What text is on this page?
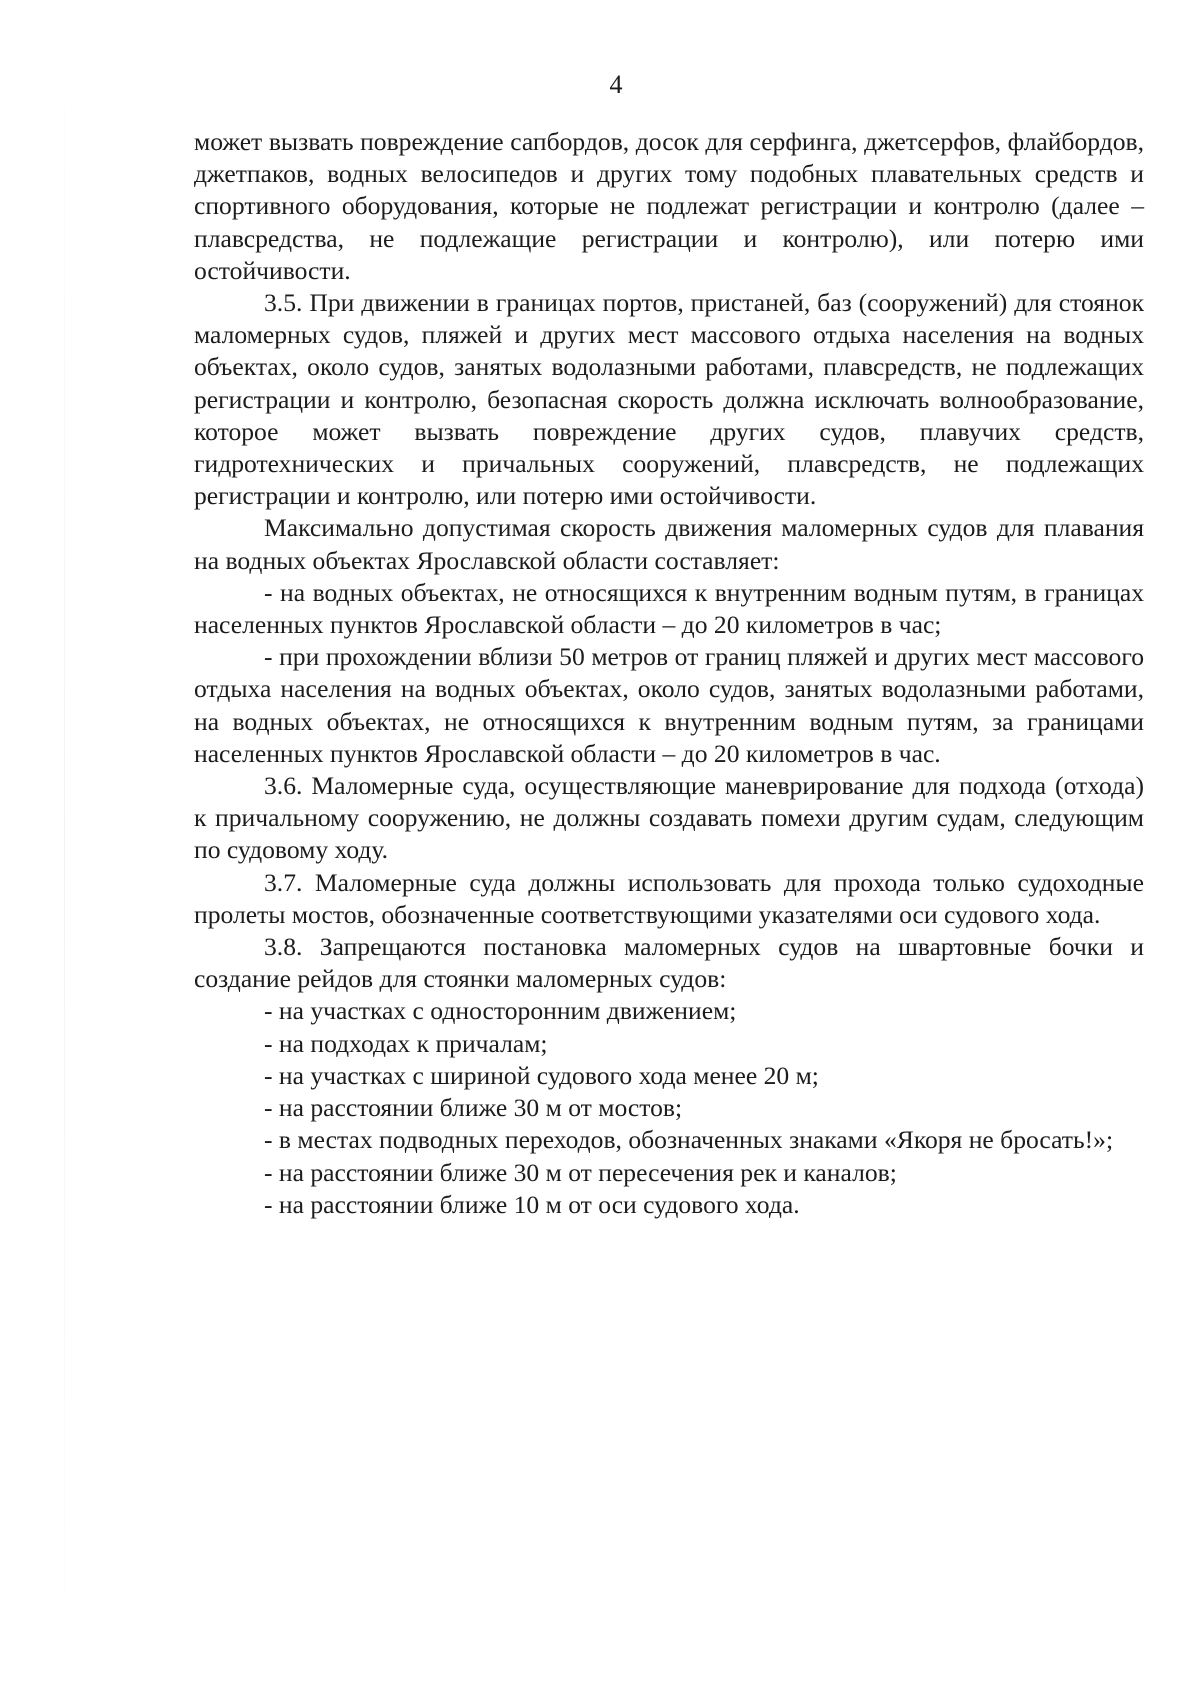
4

может вызвать повреждение сапбордов, досок для серфинга, джетсерфов, флайбордов, джетпаков, водных велосипедов и других тому подобных плавательных средств и спортивного оборудования, которые не подлежат регистрации и контролю (далее – плавсредства, не подлежащие регистрации и контролю), или потерю ими остойчивости.

3.5. При движении в границах портов, пристаней, баз (сооружений) для стоянок маломерных судов, пляжей и других мест массового отдыха населения на водных объектах, около судов, занятых водолазными работами, плавсредств, не подлежащих регистрации и контролю, безопасная скорость должна исключать волнообразование, которое может вызвать повреждение других судов, плавучих средств, гидротехнических и причальных сооружений, плавсредств, не подлежащих регистрации и контролю, или потерю ими остойчивости.

Максимально допустимая скорость движения маломерных судов для плавания на водных объектах Ярославской области составляет:

- на водных объектах, не относящихся к внутренним водным путям, в границах населенных пунктов Ярославской области – до 20 километров в час;

- при прохождении вблизи 50 метров от границ пляжей и других мест массового отдыха населения на водных объектах, около судов, занятых водолазными работами, на водных объектах, не относящихся к внутренним водным путям, за границами населенных пунктов Ярославской области – до 20 километров в час.

3.6. Маломерные суда, осуществляющие маневрирование для подхода (отхода) к причальному сооружению, не должны создавать помехи другим судам, следующим по судовому ходу.

3.7. Маломерные суда должны использовать для прохода только судоходные пролеты мостов, обозначенные соответствующими указателями оси судового хода.

3.8. Запрещаются постановка маломерных судов на швартовные бочки и создание рейдов для стоянки маломерных судов:

- на участках с односторонним движением;

- на подходах к причалам;

- на участках с шириной судового хода менее 20 м;

- на расстоянии ближе 30 м от мостов;

- в местах подводных переходов, обозначенных знаками «Якоря не бросать!»;

- на расстоянии ближе 30 м от пересечения рек и каналов;

- на расстоянии ближе 10 м от оси судового хода.
